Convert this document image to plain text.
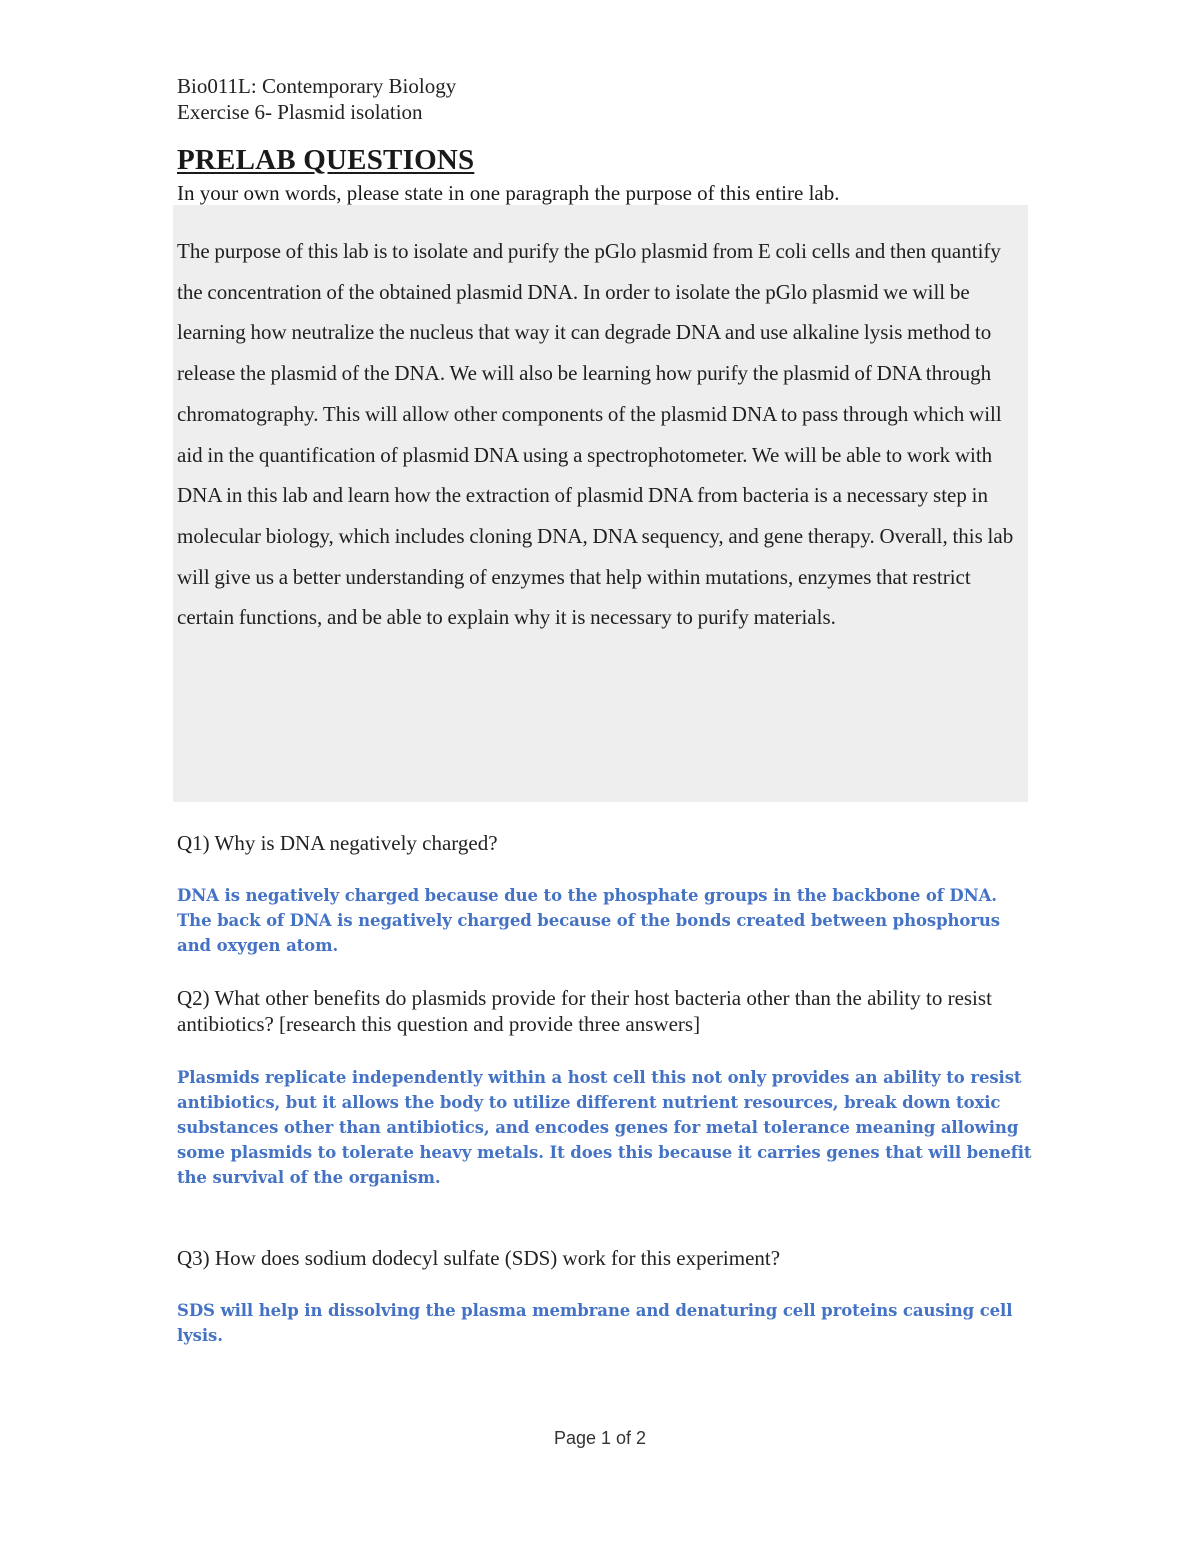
Bio011L: Contemporary Biology
Exercise 6- Plasmid isolation
PRELAB QUESTIONS
In your own words, please state in one paragraph the purpose of this entire lab.
The purpose of this lab is to isolate and purify the pGlo plasmid from E coli cells and then quantify the concentration of the obtained plasmid DNA. In order to isolate the pGlo plasmid we will be learning how neutralize the nucleus that way it can degrade DNA and use alkaline lysis method to release the plasmid of the DNA. We will also be learning how purify the plasmid of DNA through chromatography. This will allow other components of the plasmid DNA to pass through which will aid in the quantification of plasmid DNA using a spectrophotometer. We will be able to work with DNA in this lab and learn how the extraction of plasmid DNA from bacteria is a necessary step in molecular biology, which includes cloning DNA, DNA sequency, and gene therapy. Overall, this lab will give us a better understanding of enzymes that help within mutations, enzymes that restrict certain functions, and be able to explain why it is necessary to purify materials.
Q1) Why is DNA negatively charged?
DNA is negatively charged because due to the phosphate groups in the backbone of DNA. The back of DNA is negatively charged because of the bonds created between phosphorus and oxygen atom.
Q2) What other benefits do plasmids provide for their host bacteria other than the ability to resist antibiotics? [research this question and provide three answers]
Plasmids replicate independently within a host cell this not only provides an ability to resist antibiotics, but it allows the body to utilize different nutrient resources, break down toxic substances other than antibiotics, and encodes genes for metal tolerance meaning allowing some plasmids to tolerate heavy metals. It does this because it carries genes that will benefit the survival of the organism.
Q3) How does sodium dodecyl sulfate (SDS) work for this experiment?
SDS will help in dissolving the plasma membrane and denaturing cell proteins causing cell lysis.
Page 1 of 2
